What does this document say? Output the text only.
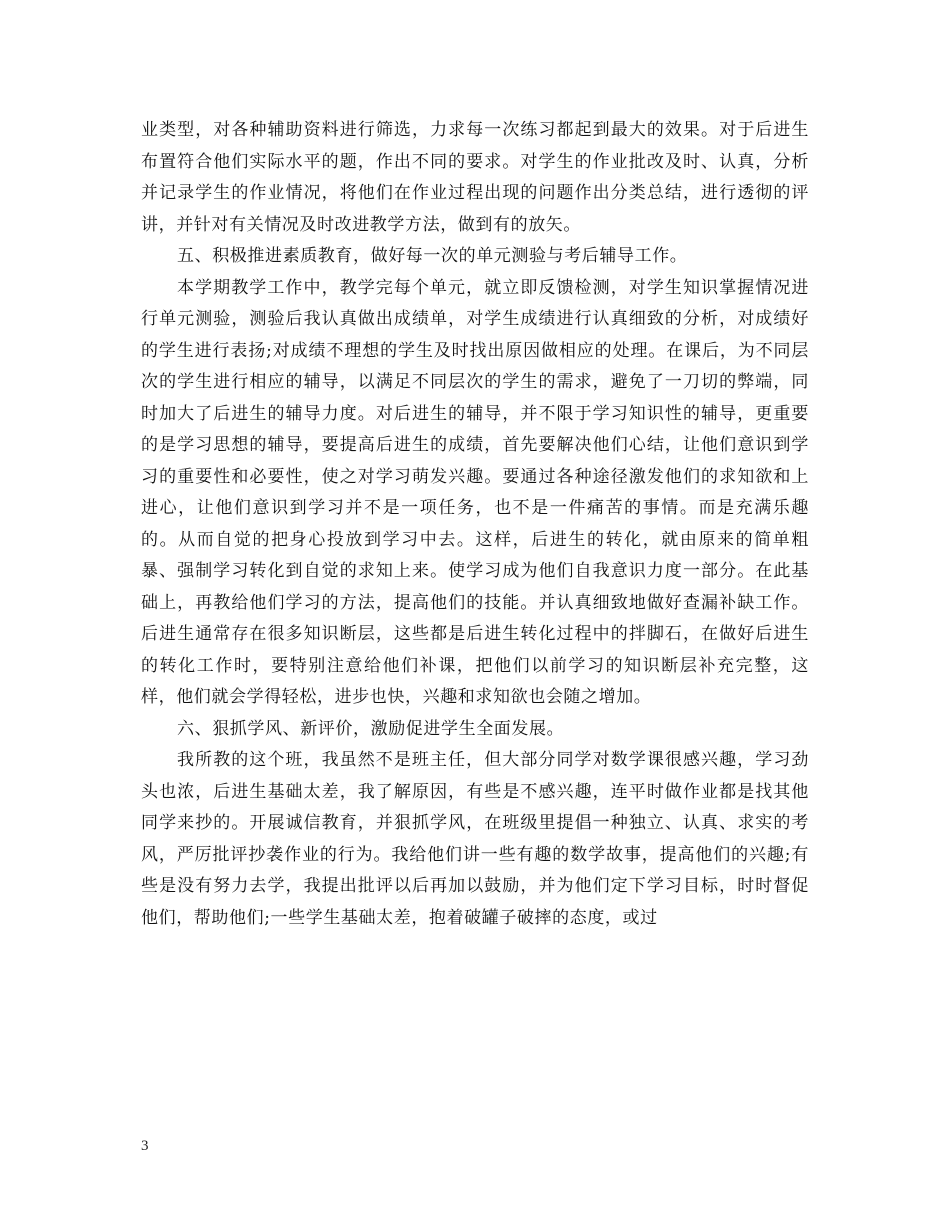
业类型，对各种辅助资料进行筛选，力求每一次练习都起到最大的效果。对于后进生布置符合他们实际水平的题，作出不同的要求。对学生的作业批改及时、认真，分析并记录学生的作业情况，将他们在作业过程出现的问题作出分类总结，进行透彻的评讲，并针对有关情况及时改进教学方法，做到有的放矢。

五、积极推进素质教育，做好每一次的单元测验与考后辅导工作。

本学期教学工作中，教学完每个单元，就立即反馈检测，对学生知识掌握情况进行单元测验，测验后我认真做出成绩单，对学生成绩进行认真细致的分析，对成绩好的学生进行表扬;对成绩不理想的学生及时找出原因做相应的处理。在课后，为不同层次的学生进行相应的辅导，以满足不同层次的学生的需求，避免了一刀切的弊端，同时加大了后进生的辅导力度。对后进生的辅导，并不限于学习知识性的辅导，更重要的是学习思想的辅导，要提高后进生的成绩，首先要解决他们心结，让他们意识到学习的重要性和必要性，使之对学习萌发兴趣。要通过各种途径激发他们的求知欲和上进心，让他们意识到学习并不是一项任务，也不是一件痛苦的事情。而是充满乐趣的。从而自觉的把身心投放到学习中去。这样，后进生的转化，就由原来的简单粗暴、强制学习转化到自觉的求知上来。使学习成为他们自我意识力度一部分。在此基础上，再教给他们学习的方法，提高他们的技能。并认真细致地做好查漏补缺工作。后进生通常存在很多知识断层，这些都是后进生转化过程中的拌脚石，在做好后进生的转化工作时，要特别注意给他们补课，把他们以前学习的知识断层补充完整，这样，他们就会学得轻松，进步也快，兴趣和求知欲也会随之增加。

六、狠抓学风、新评价，激励促进学生全面发展。

我所教的这个班，我虽然不是班主任，但大部分同学对数学课很感兴趣，学习劲头也浓，后进生基础太差，我了解原因，有些是不感兴趣，连平时做作业都是找其他同学来抄的。开展诚信教育，并狠抓学风，在班级里提倡一种独立、认真、求实的考风，严厉批评抄袭作业的行为。我给他们讲一些有趣的数学故事，提高他们的兴趣;有些是没有努力去学，我提出批评以后再加以鼓励，并为他们定下学习目标，时时督促他们，帮助他们;一些学生基础太差，抱着破罐子破摔的态度，或过

3
